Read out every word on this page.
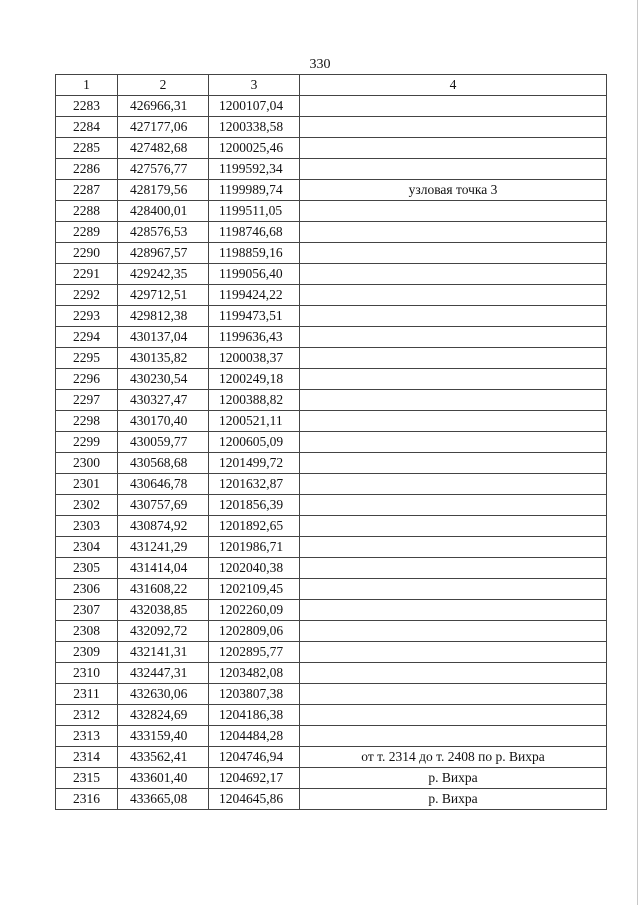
330
1	2	3	4
2283	426966,31	1200107,04	
2284	427177,06	1200338,58	
2285	427482,68	1200025,46	
2286	427576,77	1199592,34	
2287	428179,56	1199989,74	узловая точка 3
2288	428400,01	1199511,05	
2289	428576,53	1198746,68	
2290	428967,57	1198859,16	
2291	429242,35	1199056,40	
2292	429712,51	1199424,22	
2293	429812,38	1199473,51	
2294	430137,04	1199636,43	
2295	430135,82	1200038,37	
2296	430230,54	1200249,18	
2297	430327,47	1200388,82	
2298	430170,40	1200521,11	
2299	430059,77	1200605,09	
2300	430568,68	1201499,72	
2301	430646,78	1201632,87	
2302	430757,69	1201856,39	
2303	430874,92	1201892,65	
2304	431241,29	1201986,71	
2305	431414,04	1202040,38	
2306	431608,22	1202109,45	
2307	432038,85	1202260,09	
2308	432092,72	1202809,06	
2309	432141,31	1202895,77	
2310	432447,31	1203482,08	
2311	432630,06	1203807,38	
2312	432824,69	1204186,38	
2313	433159,40	1204484,28	
2314	433562,41	1204746,94	от т. 2314 до т. 2408 по р. Вихра
2315	433601,40	1204692,17	р. Вихра
2316	433665,08	1204645,86	р. Вихра
